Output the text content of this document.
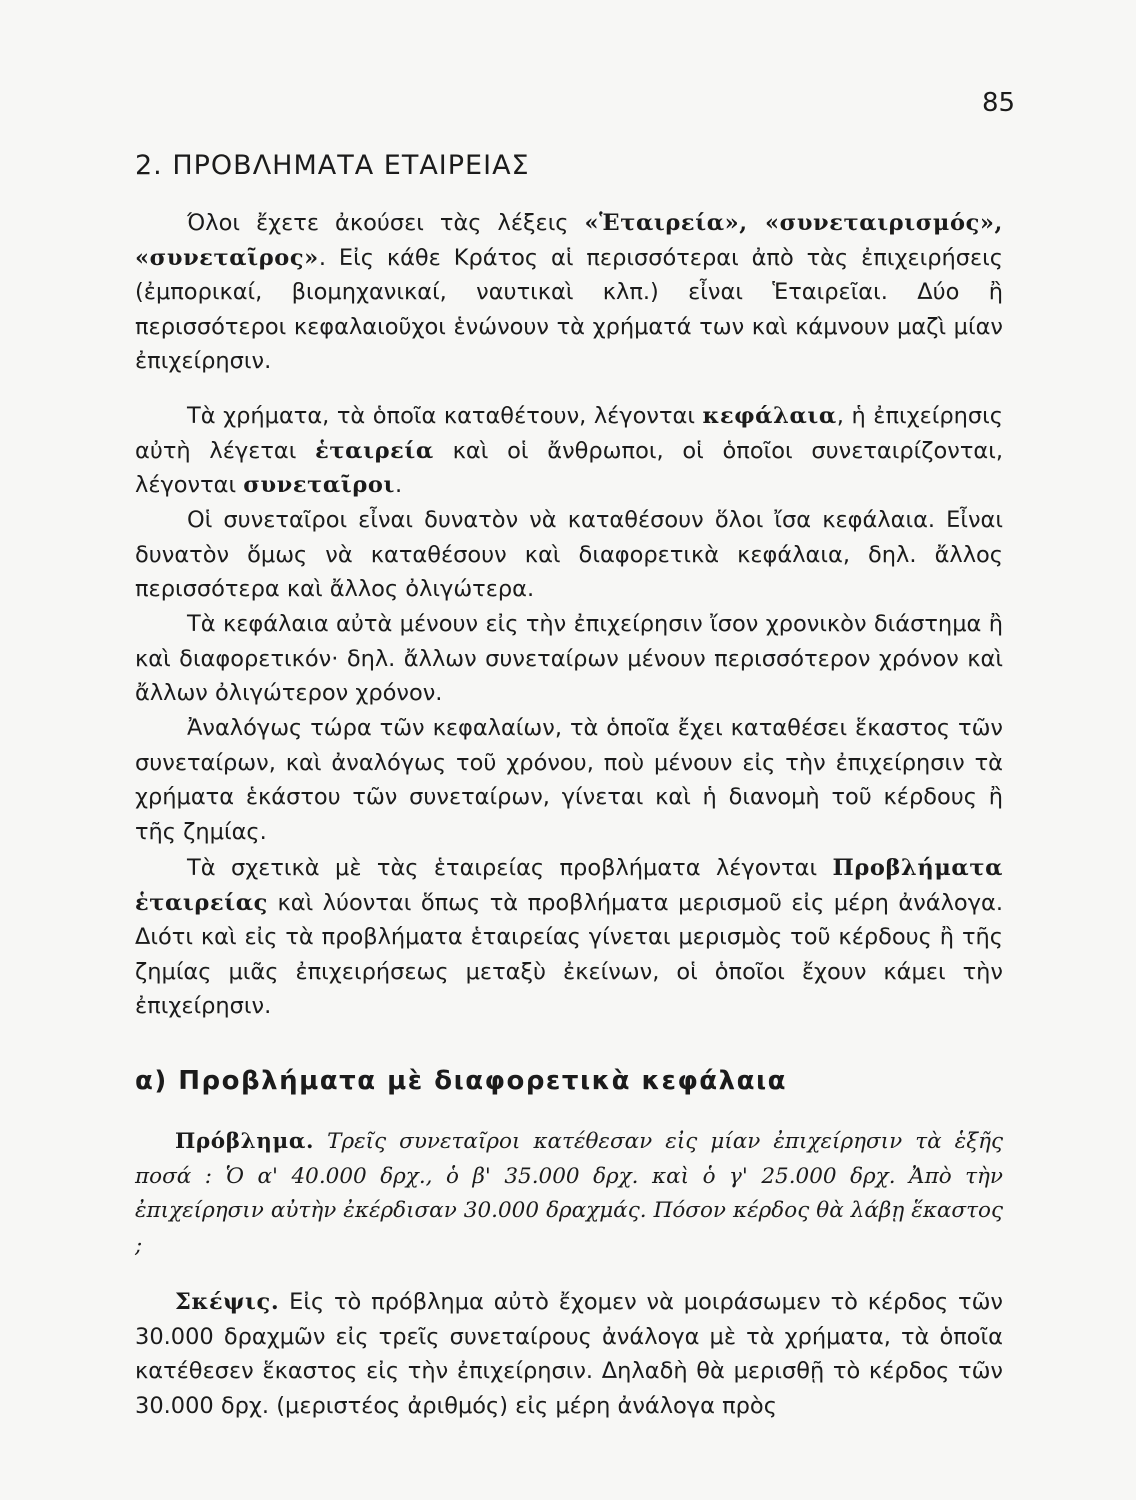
85
2. ΠΡΟΒΛΗΜΑΤΑ ΕΤΑΙΡΕΙΑΣ

Όλοι ἔχετε ἀκούσει τὰς λέξεις «Ἑταιρεία», «συνεταιρισμός», «συνεταῖρος». Εἰς κάθε Κράτος αἱ περισσότεραι ἀπὸ τὰς ἐπιχειρήσεις (ἐμπορικαί, βιομηχανικαί, ναυτικαὶ κλπ.) εἶναι Ἑταιρεῖαι. Δύο ἢ περισσότεροι κεφαλαιοῦχοι ἑνώνουν τὰ χρήματά των καὶ κάμνουν μαζὶ μίαν ἐπιχείρησιν.

Τὰ χρήματα, τὰ ὁποῖα καταθέτουν, λέγονται κεφάλαια, ἡ ἐπιχείρησις αὐτὴ λέγεται ἑταιρεία καὶ οἱ ἄνθρωποι, οἱ ὁποῖοι συνεταιρίζονται, λέγονται συνεταῖροι.

Οἱ συνεταῖροι εἶναι δυνατὸν νὰ καταθέσουν ὅλοι ἴσα κεφάλαια. Εἶναι δυνατὸν ὅμως νὰ καταθέσουν καὶ διαφορετικὰ κεφάλαια, δηλ. ἄλλος περισσότερα καὶ ἄλλος ὀλιγώτερα.

Τὰ κεφάλαια αὐτὰ μένουν εἰς τὴν ἐπιχείρησιν ἴσον χρονικὸν διάστημα ἢ καὶ διαφορετικόν· δηλ. ἄλλων συνεταίρων μένουν περισσότερον χρόνον καὶ ἄλλων ὀλιγώτερον χρόνον.

Ἀναλόγως τώρα τῶν κεφαλαίων, τὰ ὁποῖα ἔχει καταθέσει ἕκαστος τῶν συνεταίρων, καὶ ἀναλόγως τοῦ χρόνου, ποὺ μένουν εἰς τὴν ἐπιχείρησιν τὰ χρήματα ἑκάστου τῶν συνεταίρων, γίνεται καὶ ἡ διανομὴ τοῦ κέρδους ἢ τῆς ζημίας.

Τὰ σχετικὰ μὲ τὰς ἑταιρείας προβλήματα λέγονται Προβλήματα ἑταιρείας καὶ λύονται ὅπως τὰ προβλήματα μερισμοῦ εἰς μέρη ἀνάλογα. Διότι καὶ εἰς τὰ προβλήματα ἑταιρείας γίνεται μερισμὸς τοῦ κέρδους ἢ τῆς ζημίας μιᾶς ἐπιχειρήσεως μεταξὺ ἐκείνων, οἱ ὁποῖοι ἔχουν κάμει τὴν ἐπιχείρησιν.

α) Προβλήματα μὲ διαφορετικὰ κεφάλαια

Πρόβλημα. Τρεῖς συνεταῖροι κατέθεσαν εἰς μίαν ἐπιχείρησιν τὰ ἑξῆς ποσά : Ὁ α' 40.000 δρχ., ὁ β' 35.000 δρχ. καὶ ὁ γ' 25.000 δρχ. Ἀπὸ τὴν ἐπιχείρησιν αὐτὴν ἐκέρδισαν 30.000 δραχμάς. Πόσον κέρδος θὰ λάβῃ ἕκαστος ;

Σκέψις. Εἰς τὸ πρόβλημα αὐτὸ ἔχομεν νὰ μοιράσωμεν τὸ κέρδος τῶν 30.000 δραχμῶν εἰς τρεῖς συνεταίρους ἀνάλογα μὲ τὰ χρήματα, τὰ ὁποῖα κατέθεσεν ἕκαστος εἰς τὴν ἐπιχείρησιν. Δηλαδὴ θὰ μερισθῇ τὸ κέρδος τῶν 30.000 δρχ. (μεριστέος ἀριθμός) εἰς μέρη ἀνάλογα πρὸς
